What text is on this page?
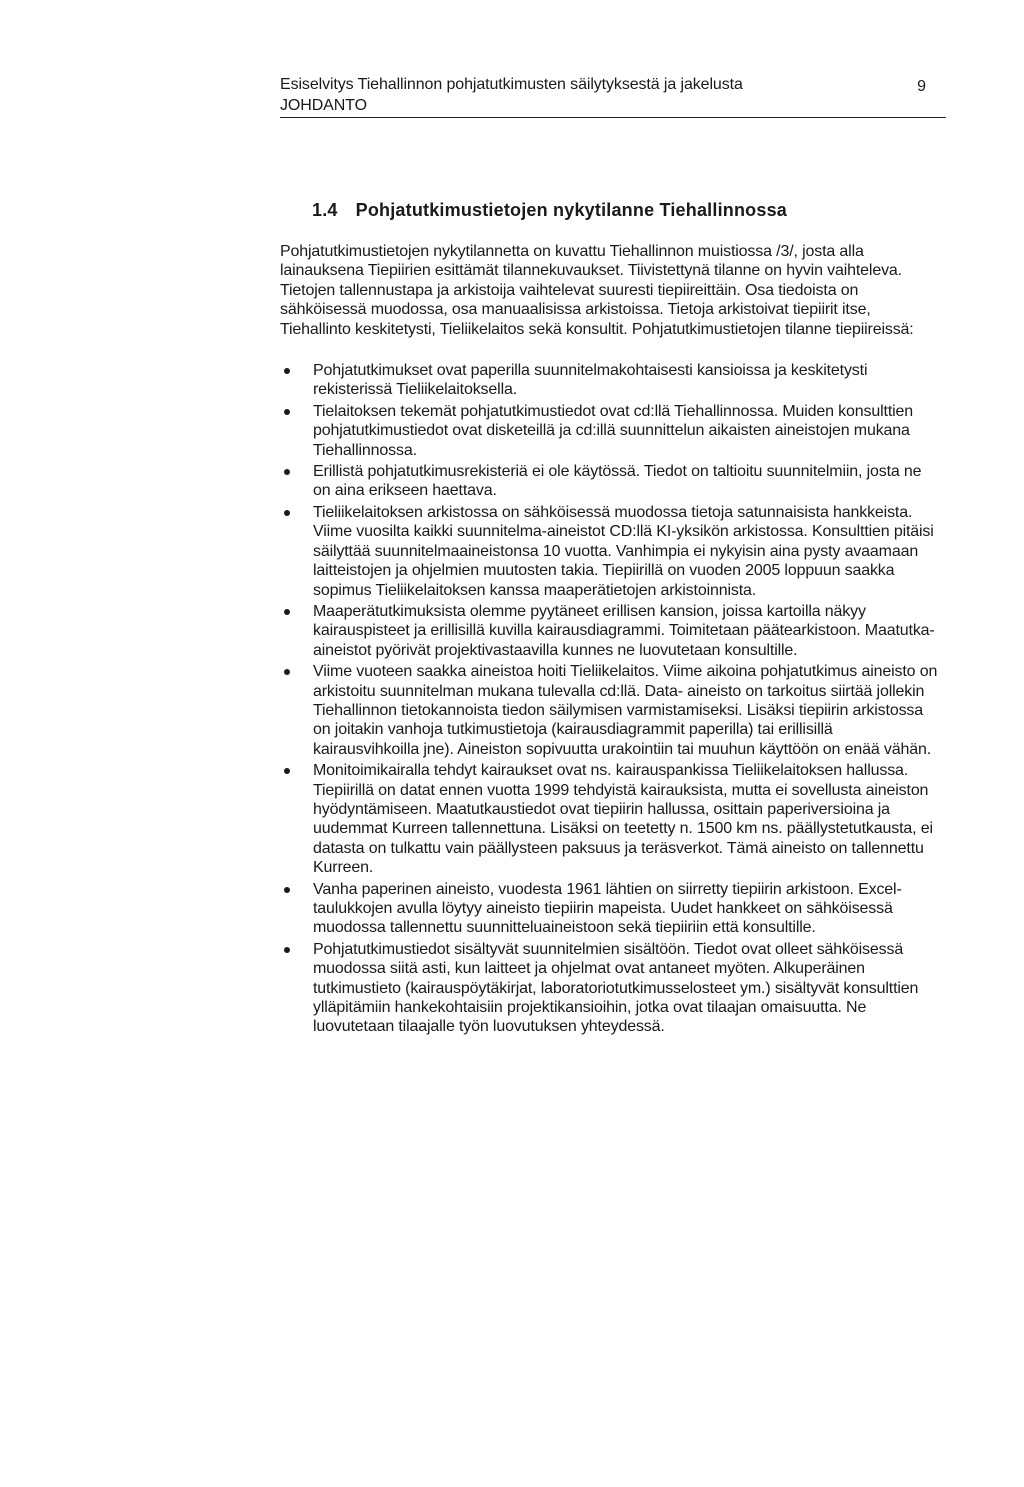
Esiselvitys Tiehallinnon pohjatutkimusten säilytyksestä ja jakelusta
JOHDANTO
9
1.4 Pohjatutkimustietojen nykytilanne Tiehallinnossa

Pohjatutkimustietojen nykytilannetta on kuvattu Tiehallinnon muistiossa /3/, josta alla lainauksena Tiepiirien esittämät tilannekuvaukset. Tiivistettynä tilanne on hyvin vaihteleva. Tietojen tallennustapa ja arkistoija vaihtelevat suuresti tiepiireittäin. Osa tiedoista on sähköisessä muodossa, osa manuaalisissa arkistoissa. Tietoja arkistoivat tiepiirit itse, Tiehallinto keskitetysti, Tieliikelaitos sekä konsultit. Pohjatutkimustietojen tilanne tiepiireissä:

Pohjatutkimukset ovat paperilla suunnitelmakohtaisesti kansioissa ja keskitetysti rekisterissä Tieliikelaitoksella.
Tielaitoksen tekemät pohjatutkimustiedot ovat cd:llä Tiehallinnossa. Muiden konsulttien pohjatutkimustiedot ovat disketeillä ja cd:illä suunnittelun aikaisten aineistojen mukana Tiehallinnossa.
Erillistä pohjatutkimusrekisteriä ei ole käytössä. Tiedot on taltioitu suunnitelmiin, josta ne on aina erikseen haettava.
Tieliikelaitoksen arkistossa on sähköisessä muodossa tietoja satunnaisista hankkeista. Viime vuosilta kaikki suunnitelma-aineistot CD:llä KI-yksikön arkistossa. Konsulttien pitäisi säilyttää suunnitelmaaineistonsa 10 vuotta. Vanhimpia ei nykyisin aina pysty avaamaan laitteistojen ja ohjelmien muutosten takia. Tiepiirillä on vuoden 2005 loppuun saakka sopimus Tieliikelaitoksen kanssa maaperätietojen arkistoinnista.
Maaperätutkimuksista olemme pyytäneet erillisen kansion, joissa kartoilla näkyy kairauspisteet ja erillisillä kuvilla kairausdiagrammi. Toimitetaan päätearkistoon. Maatutka-aineistot pyörivät projektivastaavilla kunnes ne luovutetaan konsultille.
Viime vuoteen saakka aineistoa hoiti Tieliikelaitos. Viime aikoina pohjatutkimus aineisto on arkistoitu suunnitelman mukana tulevalla cd:llä. Data- aineisto on tarkoitus siirtää jollekin Tiehallinnon tietokannoista tiedon säilymisen varmistamiseksi. Lisäksi tiepiirin arkistossa on joitakin vanhoja tutkimustietoja (kairausdiagrammit paperilla) tai erillisillä kairausvihkoilla jne). Aineiston sopivuutta urakointiin tai muuhun käyttöön on enää vähän.
Monitoimikairalla tehdyt kairaukset ovat ns. kairauspankissa Tieliikelaitoksen hallussa. Tiepiirillä on datat ennen vuotta 1999 tehdyistä kairauksista, mutta ei sovellusta aineiston hyödyntämiseen. Maatutkaustiedot ovat tiepiirin hallussa, osittain paperiversioina ja uudemmat Kurreen tallennettuna. Lisäksi on teetetty n. 1500 km ns. päällystetutkausta, ei datasta on tulkattu vain päällysteen paksuus ja teräsverkot. Tämä aineisto on tallennettu Kurreen.
Vanha paperinen aineisto, vuodesta 1961 lähtien on siirretty tiepiirin arkistoon. Excel-taulukkojen avulla löytyy aineisto tiepiirin mapeista. Uudet hankkeet on sähköisessä muodossa tallennettu suunnitteluaineistoon sekä tiepiiriin että konsultille.
Pohjatutkimustiedot sisältyvät suunnitelmien sisältöön. Tiedot ovat olleet sähköisessä muodossa siitä asti, kun laitteet ja ohjelmat ovat antaneet myöten. Alkuperäinen tutkimustieto (kairauspöytäkirjat, laboratoriotutkimusselosteet ym.) sisältyvät konsulttien ylläpitämiin hankekohtaisiin projektikansioihin, jotka ovat tilaajan omaisuutta. Ne luovutetaan tilaajalle työn luovutuksen yhteydessä.
